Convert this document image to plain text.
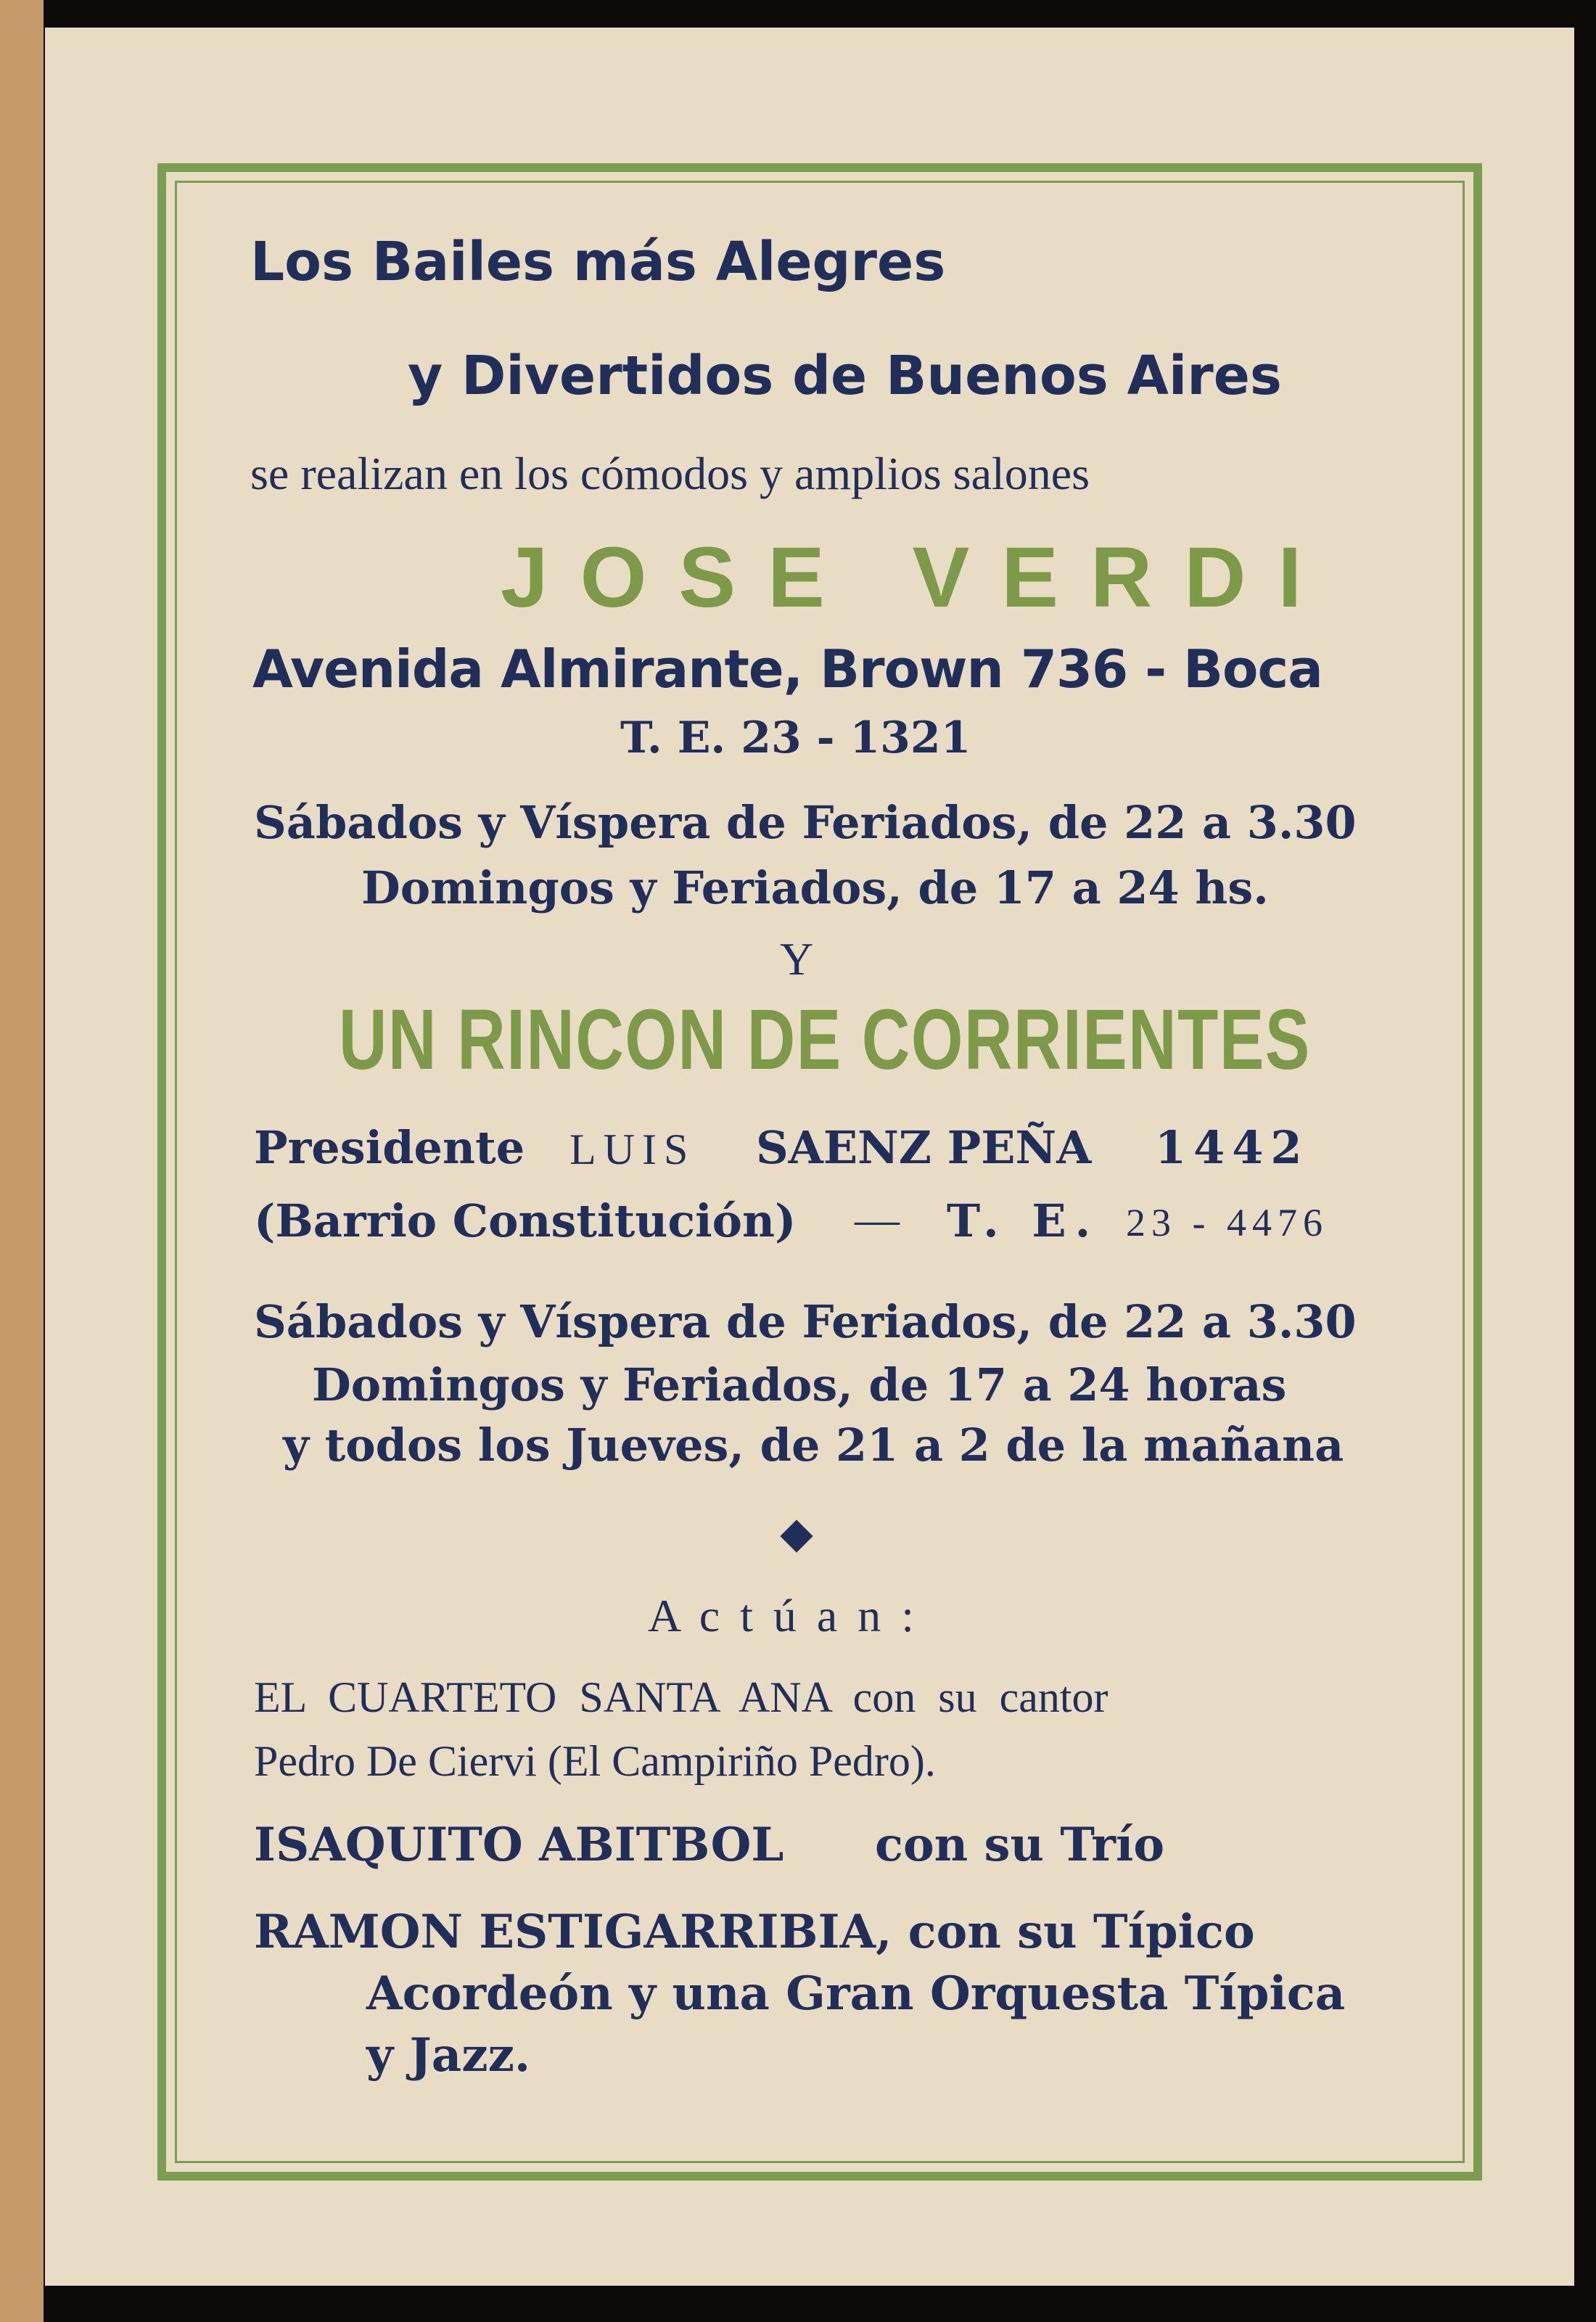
Los Bailes más Alegres
y Divertidos de Buenos Aires
se realizan en los cómodos y amplios salones
JOSE VERDI
Avenida Almirante, Brown 736 - Boca
T. E. 23 - 1321
Sábados y Víspera de Feriados, de 22 a 3.30
Domingos y Feriados, de 17 a 24 hs.
Y
UN RINCON DE CORRIENTES
Presidente LUIS SAENZ PEÑA 1442
(Barrio Constitución) — T. E. 23 - 4476
Sábados y Víspera de Feriados, de 22 a 3.30
Domingos y Feriados, de 17 a 24 horas
y todos los Jueves, de 21 a 2 de la mañana
A c t ú a n :
EL CUARTETO SANTA ANA con su cantor
Pedro De Ciervi (El Campiriño Pedro).
ISAQUITO ABITBOL con su Trío
RAMON ESTIGARRIBIA, con su Típico
Acordeón y una Gran Orquesta Típica
y Jazz.
